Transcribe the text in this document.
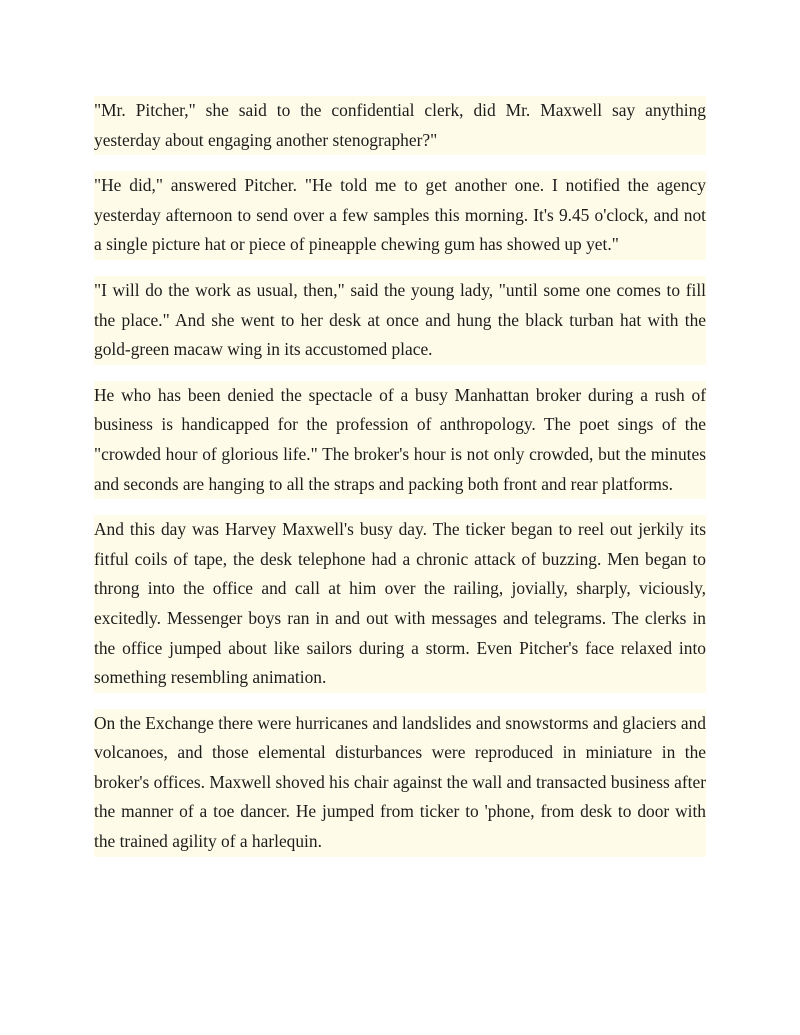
"Mr. Pitcher," she said to the confidential clerk, did Mr. Maxwell say anything yesterday about engaging another stenographer?"

"He did," answered Pitcher. "He told me to get another one. I notified the agency yesterday afternoon to send over a few samples this morning. It's 9.45 o'clock, and not a single picture hat or piece of pineapple chewing gum has showed up yet."

"I will do the work as usual, then," said the young lady, "until some one comes to fill the place." And she went to her desk at once and hung the black turban hat with the gold-green macaw wing in its accustomed place.

He who has been denied the spectacle of a busy Manhattan broker during a rush of business is handicapped for the profession of anthropology. The poet sings of the "crowded hour of glorious life." The broker's hour is not only crowded, but the minutes and seconds are hanging to all the straps and packing both front and rear platforms.

And this day was Harvey Maxwell's busy day. The ticker began to reel out jerkily its fitful coils of tape, the desk telephone had a chronic attack of buzzing. Men began to throng into the office and call at him over the railing, jovially, sharply, viciously, excitedly. Messenger boys ran in and out with messages and telegrams. The clerks in the office jumped about like sailors during a storm. Even Pitcher's face relaxed into something resembling animation.

On the Exchange there were hurricanes and landslides and snowstorms and glaciers and volcanoes, and those elemental disturbances were reproduced in miniature in the broker's offices. Maxwell shoved his chair against the wall and transacted business after the manner of a toe dancer. He jumped from ticker to 'phone, from desk to door with the trained agility of a harlequin.
